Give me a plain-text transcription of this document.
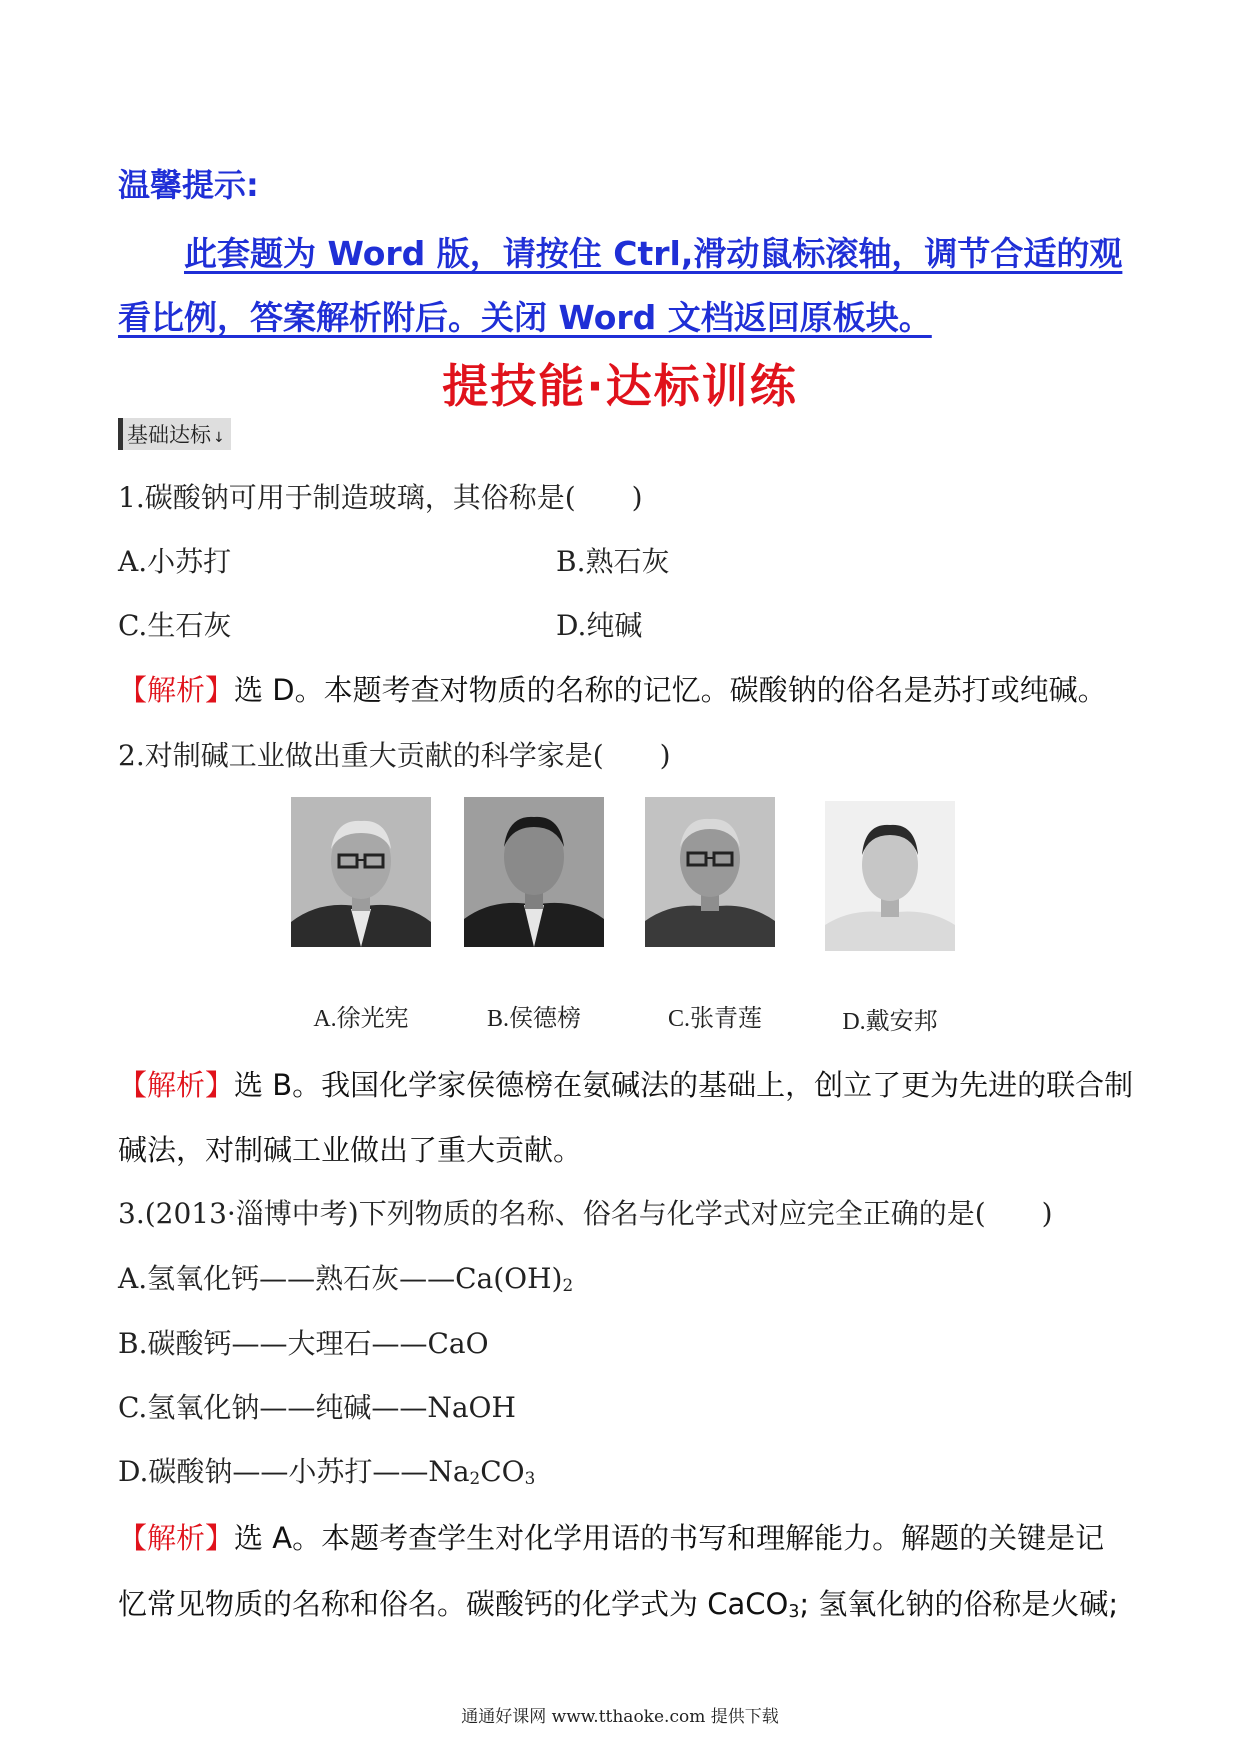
温馨提示:
此套题为 Word 版，请按住 Ctrl,滑动鼠标滚轴，调节合适的观
看比例，答案解析附后。关闭 Word 文档返回原板块。
提技能·达标训练
基础达标 ↓
1.碳酸钠可用于制造玻璃，其俗称是(　　)
A.小苏打	B.熟石灰
C.生石灰	D.纯碱
【解析】选 D。本题考查对物质的名称的记忆。碳酸钠的俗名是苏打或纯碱。
2.对制碱工业做出重大贡献的科学家是(　　)
A.徐光宪	B.侯德榜	C.张青莲	D.戴安邦
【解析】选 B。我国化学家侯德榜在氨碱法的基础上，创立了更为先进的联合制
碱法，对制碱工业做出了重大贡献。
3.(2013·淄博中考)下列物质的名称、俗名与化学式对应完全正确的是(　　)
A.氢氧化钙——熟石灰$——Ca(OH)_2$
B.碳酸钙——大理石——CaO
C.氢氧化钠——纯碱——NaOH
D.碳酸钠——小苏打$——Na_2CO_3$
【解析】选 A。本题考查学生对化学用语的书写和理解能力。解题的关键是记
忆常见物质的名称和俗名。碳酸钙的化学式为 CaCO$_3$; 氢氧化钠的俗称是火碱;
通通好课网 www.tthaoke.com 提供下载
